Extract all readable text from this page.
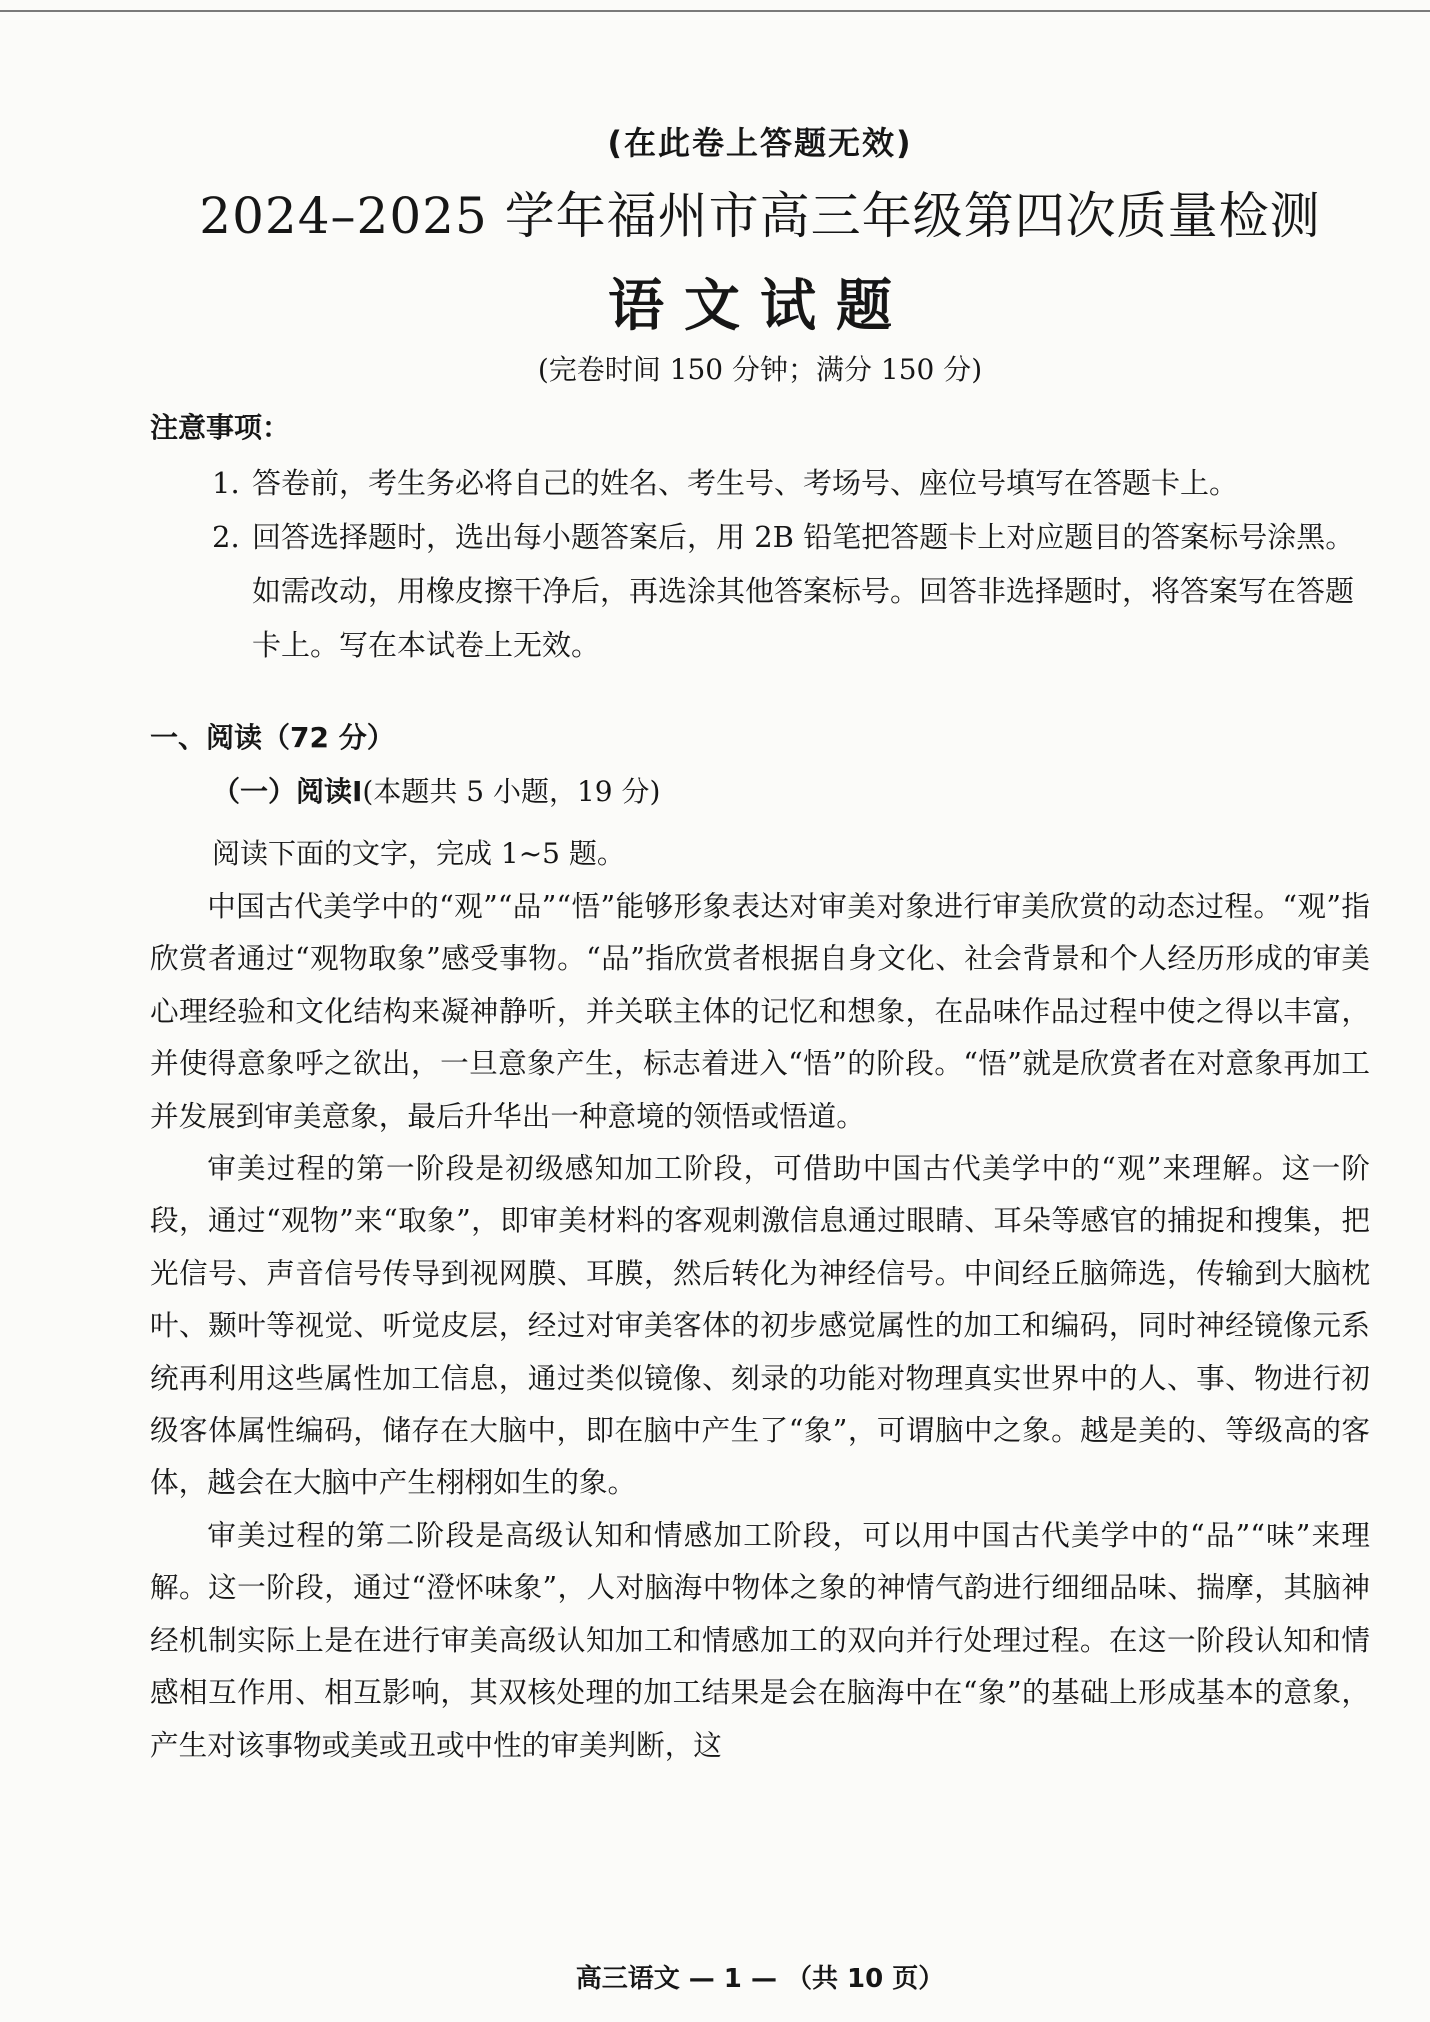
(在此卷上答题无效)
2024–2025 学年福州市高三年级第四次质量检测
语文试题
(完卷时间 150 分钟；满分 150 分)
注意事项：
1. 答卷前，考生务必将自己的姓名、考生号、考场号、座位号填写在答题卡上。
2. 回答选择题时，选出每小题答案后，用 2B 铅笔把答题卡上对应题目的答案标号涂黑。如需改动，用橡皮擦干净后，再选涂其他答案标号。回答非选择题时，将答案写在答题卡上。写在本试卷上无效。
一、阅读（72 分）
（一）阅读Ⅰ(本题共 5 小题，19 分)
阅读下面的文字，完成 1~5 题。

中国古代美学中的“观”“品”“悟”能够形象表达对审美对象进行审美欣赏的动态过程。“观”指欣赏者通过“观物取象”感受事物。“品”指欣赏者根据自身文化、社会背景和个人经历形成的审美心理经验和文化结构来凝神静听，并关联主体的记忆和想象，在品味作品过程中使之得以丰富，并使得意象呼之欲出，一旦意象产生，标志着进入“悟”的阶段。“悟”就是欣赏者在对意象再加工并发展到审美意象，最后升华出一种意境的领悟或悟道。

审美过程的第一阶段是初级感知加工阶段，可借助中国古代美学中的“观”来理解。这一阶段，通过“观物”来“取象”，即审美材料的客观刺激信息通过眼睛、耳朵等感官的捕捉和搜集，把光信号、声音信号传导到视网膜、耳膜，然后转化为神经信号。中间经丘脑筛选，传输到大脑枕叶、颞叶等视觉、听觉皮层，经过对审美客体的初步感觉属性的加工和编码，同时神经镜像元系统再利用这些属性加工信息，通过类似镜像、刻录的功能对物理真实世界中的人、事、物进行初级客体属性编码，储存在大脑中，即在脑中产生了“象”，可谓脑中之象。越是美的、等级高的客体，越会在大脑中产生栩栩如生的象。

审美过程的第二阶段是高级认知和情感加工阶段，可以用中国古代美学中的“品”“味”来理解。这一阶段，通过“澄怀味象”，人对脑海中物体之象的神情气韵进行细细品味、揣摩，其脑神经机制实际上是在进行审美高级认知加工和情感加工的双向并行处理过程。在这一阶段认知和情感相互作用、相互影响，其双核处理的加工结果是会在脑海中在“象”的基础上形成基本的意象，产生对该事物或美或丑或中性的审美判断，这

高三语文 — 1 — （共 10 页）
